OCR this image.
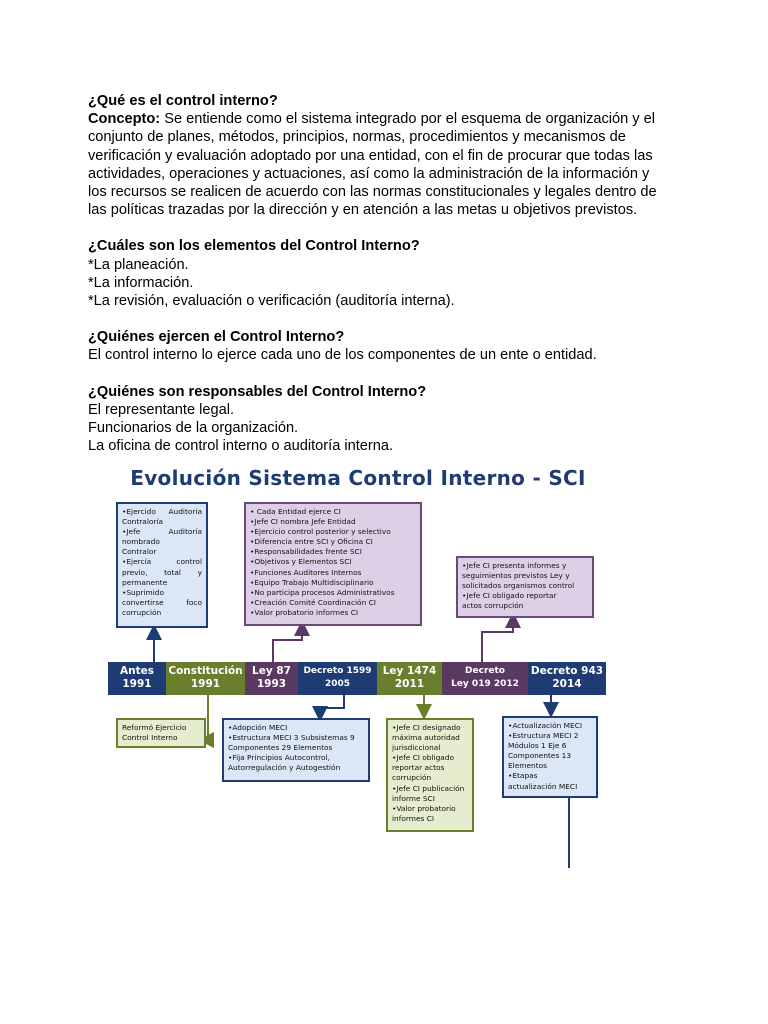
¿Qué es el control interno?

Concepto: Se entiende como el sistema integrado por el esquema de organización y el
conjunto de planes, métodos, principios, normas, procedimientos y mecanismos de
verificación y evaluación adoptado por una entidad, con el fin de procurar que todas las
actividades, operaciones y actuaciones, así como la administración de la información y
los recursos se realicen de acuerdo con las normas constitucionales y legales dentro de
las políticas trazadas por la dirección y en atención a las metas u objetivos previstos.

¿Cuáles son los elementos del Control Interno?

*La planeación.

*La información.

*La revisión, evaluación o verificación (auditoría interna).

¿Quiénes ejercen el Control Interno?

El control interno lo ejerce cada uno de los componentes de un ente o entidad.

¿Quiénes son responsables del Control Interno?

El representante legal.

Funcionarios de la organización.

La oficina de control interno o auditoría interna.

Evolución Sistema Control Interno - SCI
•Ejercido Auditoría
Contraloría
•Jefe Auditoría
nombrado
Contralor
•Ejercía control
previo, total y
permanente
•Suprimido
convertirse foco
corrupción
• Cada Entidad ejerce CI
•Jefe CI nombra Jefe Entidad
•Ejercicio control posterior y selectivo
•Diferencia entre SCI y Oficina CI
•Responsabilidades frente SCI
•Objetivos y Elementos SCI
•Funciones Auditores Internos
•Equipo Trabajo Multidisciplinario
•No participa procesos Administrativos
•Creación Comité Coordinación CI
•Valor probatorio informes CI
•Jefe CI presenta informes y
seguimientos previstos Ley y
solicitados organismos control
•Jefe CI obligado reportar
actos corrupción
Antes
1991
Constitución
1991
Ley 87
1993
Decreto 1599
2005
Ley 1474
2011
Decreto
Ley 019 2012
Decreto 943
2014
Reformó Ejercicio
Control Interno
•Adopción MECI
•Estructura MECI 3 Subsistemas 9
Componentes 29 Elementos
•Fija Principios Autocontrol,
Autorregulación y Autogestión
•Jefe CI designado
máxima autoridad
jurisdiccional
•Jefe CI obligado
reportar actos
corrupción
•Jefe CI publicación
informe SCI
•Valor probatorio
informes CI
•Actualización MECI
•Estructura MECI 2
Módulos 1 Eje 6
Componentes 13
Elementos
•Etapas
actualización MECI
